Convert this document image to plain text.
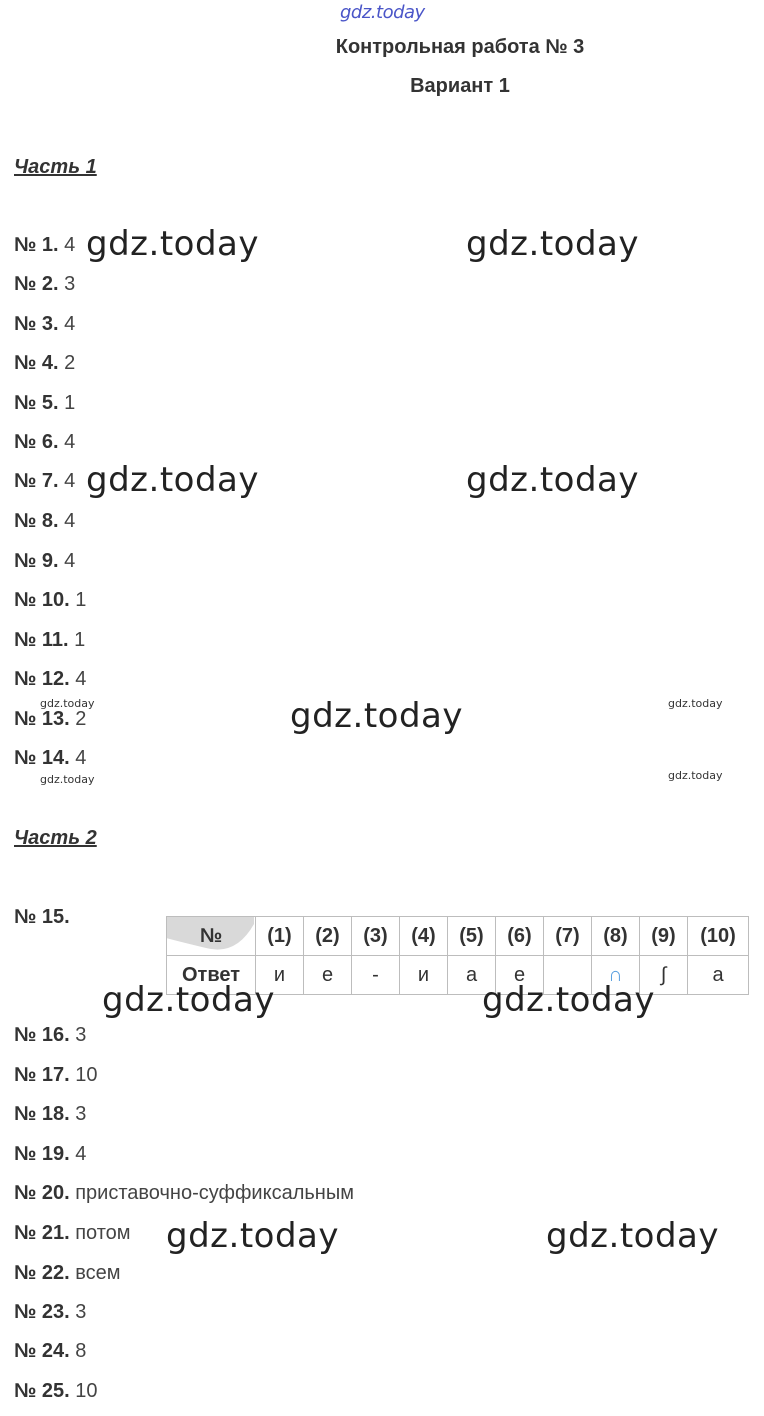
gdz.today
Контрольная работа № 3
Вариант 1
Часть 1
№ 1. 4
№ 2. 3
№ 3. 4
№ 4. 2
№ 5. 1
№ 6. 4
№ 7. 4
№ 8. 4
№ 9. 4
№ 10. 1
№ 11. 1
№ 12. 4
№ 13. 2
№ 14. 4
Часть 2
№ 15.
№	(1)	(2)	(3)	(4)	(5)	(6)	(7)	(8)	(9)	(10)
Ответ	и	е	-	и	а	е		∩	∫	а
№ 16. 3
№ 17. 10
№ 18. 3
№ 19. 4
№ 20. приставочно-суффиксальным
№ 21. потом
№ 22. всем
№ 23. 3
№ 24. 8
№ 25. 10
gdz.today	gdz.today
gdz.today	gdz.today
gdz.today
gdz.today	gdz.today
gdz.today	gdz.today
gdz.today	gdz.today
gdz.today	gdz.today
